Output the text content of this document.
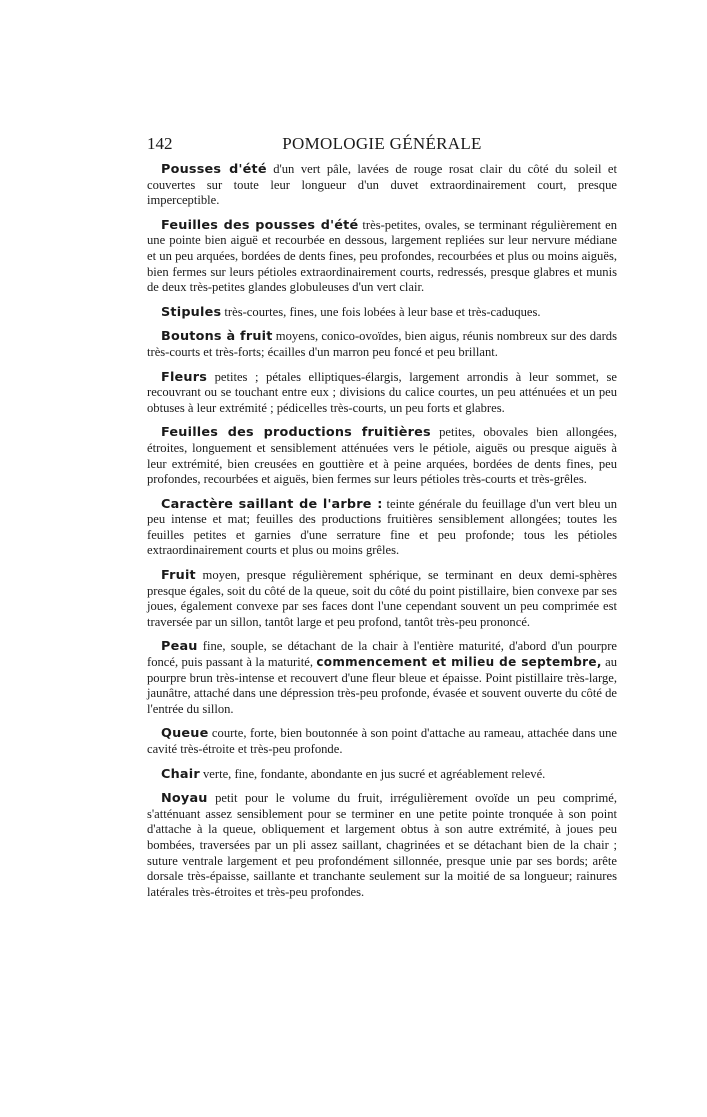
142	POMOLOGIE GÉNÉRALE

Pousses d'été d'un vert pâle, lavées de rouge rosat clair du côté du soleil et couvertes sur toute leur longueur d'un duvet extraordinairement court, presque imperceptible.

Feuilles des pousses d'été très-petites, ovales, se terminant régulièrement en une pointe bien aiguë et recourbée en dessous, largement repliées sur leur nervure médiane et un peu arquées, bordées de dents fines, peu profondes, recourbées et plus ou moins aiguës, bien fermes sur leurs pétioles extraordinairement courts, redressés, presque glabres et munis de deux très-petites glandes globuleuses d'un vert clair.

Stipules très-courtes, fines, une fois lobées à leur base et très-caduques.

Boutons à fruit moyens, conico-ovoïdes, bien aigus, réunis nombreux sur des dards très-courts et très-forts; écailles d'un marron peu foncé et peu brillant.

Fleurs petites ; pétales elliptiques-élargis, largement arrondis à leur sommet, se recouvrant ou se touchant entre eux ; divisions du calice courtes, un peu atténuées et un peu obtuses à leur extrémité ; pédicelles très-courts, un peu forts et glabres.

Feuilles des productions fruitières petites, obovales bien allongées, étroites, longuement et sensiblement atténuées vers le pétiole, aiguës ou presque aiguës à leur extrémité, bien creusées en gouttière et à peine arquées, bordées de dents fines, peu profondes, recourbées et aiguës, bien fermes sur leurs pétioles très-courts et très-grêles.

Caractère saillant de l'arbre : teinte générale du feuillage d'un vert bleu un peu intense et mat; feuilles des productions fruitières sensiblement allongées; toutes les feuilles petites et garnies d'une serrature fine et peu profonde; tous les pétioles extraordinairement courts et plus ou moins grêles.

Fruit moyen, presque régulièrement sphérique, se terminant en deux demi-sphères presque égales, soit du côté de la queue, soit du côté du point pistillaire, bien convexe par ses joues, également convexe par ses faces dont l'une cependant souvent un peu comprimée est traversée par un sillon, tantôt large et peu profond, tantôt très-peu prononcé.

Peau fine, souple, se détachant de la chair à l'entière maturité, d'abord d'un pourpre foncé, puis passant à la maturité, commencement et milieu de septembre, au pourpre brun très-intense et recouvert d'une fleur bleue et épaisse. Point pistillaire très-large, jaunâtre, attaché dans une dépression très-peu profonde, évasée et souvent ouverte du côté de l'entrée du sillon.

Queue courte, forte, bien boutonnée à son point d'attache au rameau, attachée dans une cavité très-étroite et très-peu profonde.

Chair verte, fine, fondante, abondante en jus sucré et agréablement relevé.

Noyau petit pour le volume du fruit, irrégulièrement ovoïde un peu comprimé, s'atténuant assez sensiblement pour se terminer en une petite pointe tronquée à son point d'attache à la queue, obliquement et largement obtus à son autre extrémité, à joues peu bombées, traversées par un pli assez saillant, chagrinées et se détachant bien de la chair ; suture ventrale largement et peu profondément sillonnée, presque unie par ses bords; arête dorsale très-épaisse, saillante et tranchante seulement sur la moitié de sa longueur; rainures latérales très-étroites et très-peu profondes.
